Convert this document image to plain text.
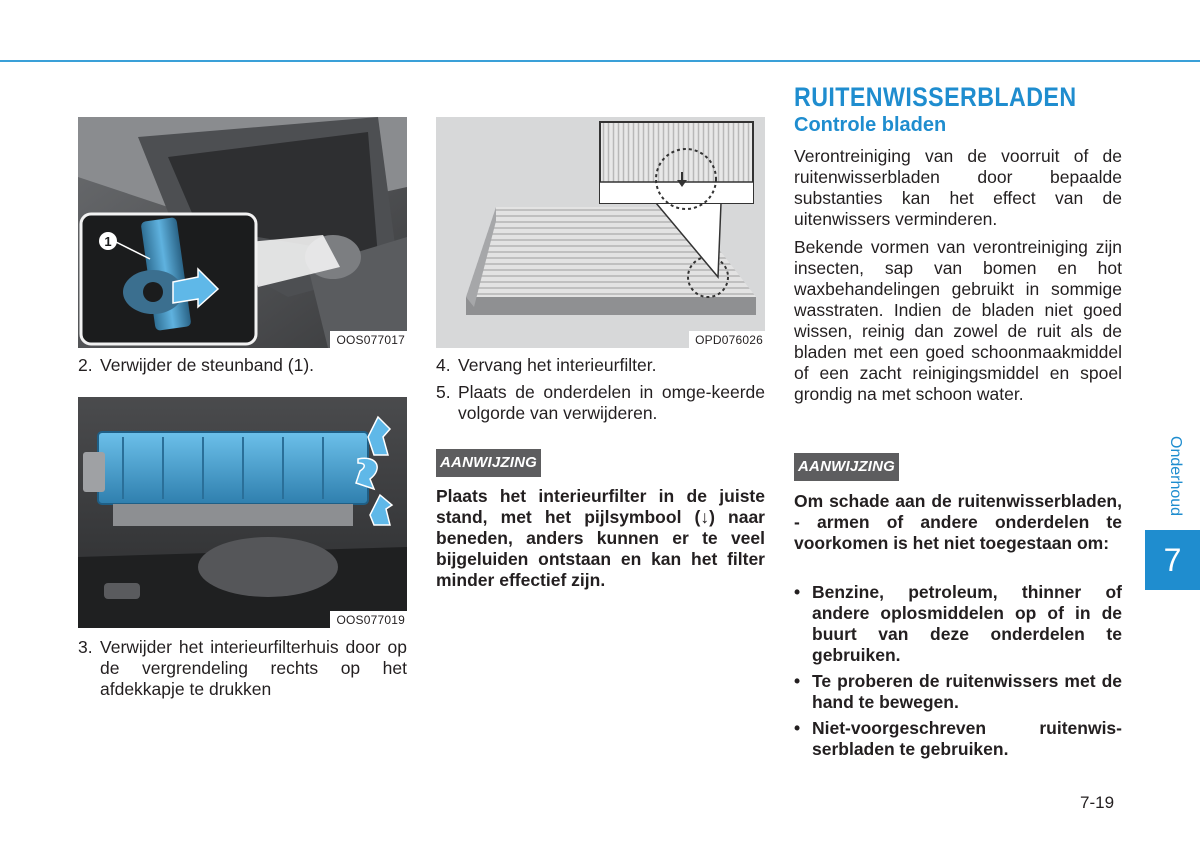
1
OOS077017
2. Verwijder de steunband (1).
OOS077019
3. Verwijder het interieurfilterhuis door op de vergrendeling rechts op het afdekkapje te drukken
OPD076026
4. Vervang het interieurfilter.
5. Plaats de onderdelen in omge-keerde volgorde van verwijderen.
AANWIJZING
Plaats het interieurfilter in de juiste stand, met het pijlsymbool (↓) naar beneden, anders kunnen er te veel bijgeluiden ontstaan en kan het filter minder effectief zijn.
RUITENWISSERBLADEN
Controle bladen
Verontreiniging van de voorruit of de ruitenwisserbladen door bepaalde substanties kan het effect van de uitenwissers verminderen.
Bekende vormen van verontreiniging zijn insecten, sap van bomen en hot waxbehandelingen gebruikt in sommige wasstraten. Indien de bladen niet goed wissen, reinig dan zowel de ruit als de bladen met een goed schoonmaakmiddel of een zacht reinigingsmiddel en spoel grondig na met schoon water.
AANWIJZING
Om schade aan de ruitenwisserbladen, - armen of andere onderdelen te voorkomen is het niet toegestaan om:
• Benzine, petroleum, thinner of andere oplosmiddelen op of in de buurt van deze onderdelen te gebruiken.
• Te proberen de ruitenwissers met de hand te bewegen.
• Niet-voorgeschreven ruitenwis-serbladen te gebruiken.
Onderhoud
7
7-19
